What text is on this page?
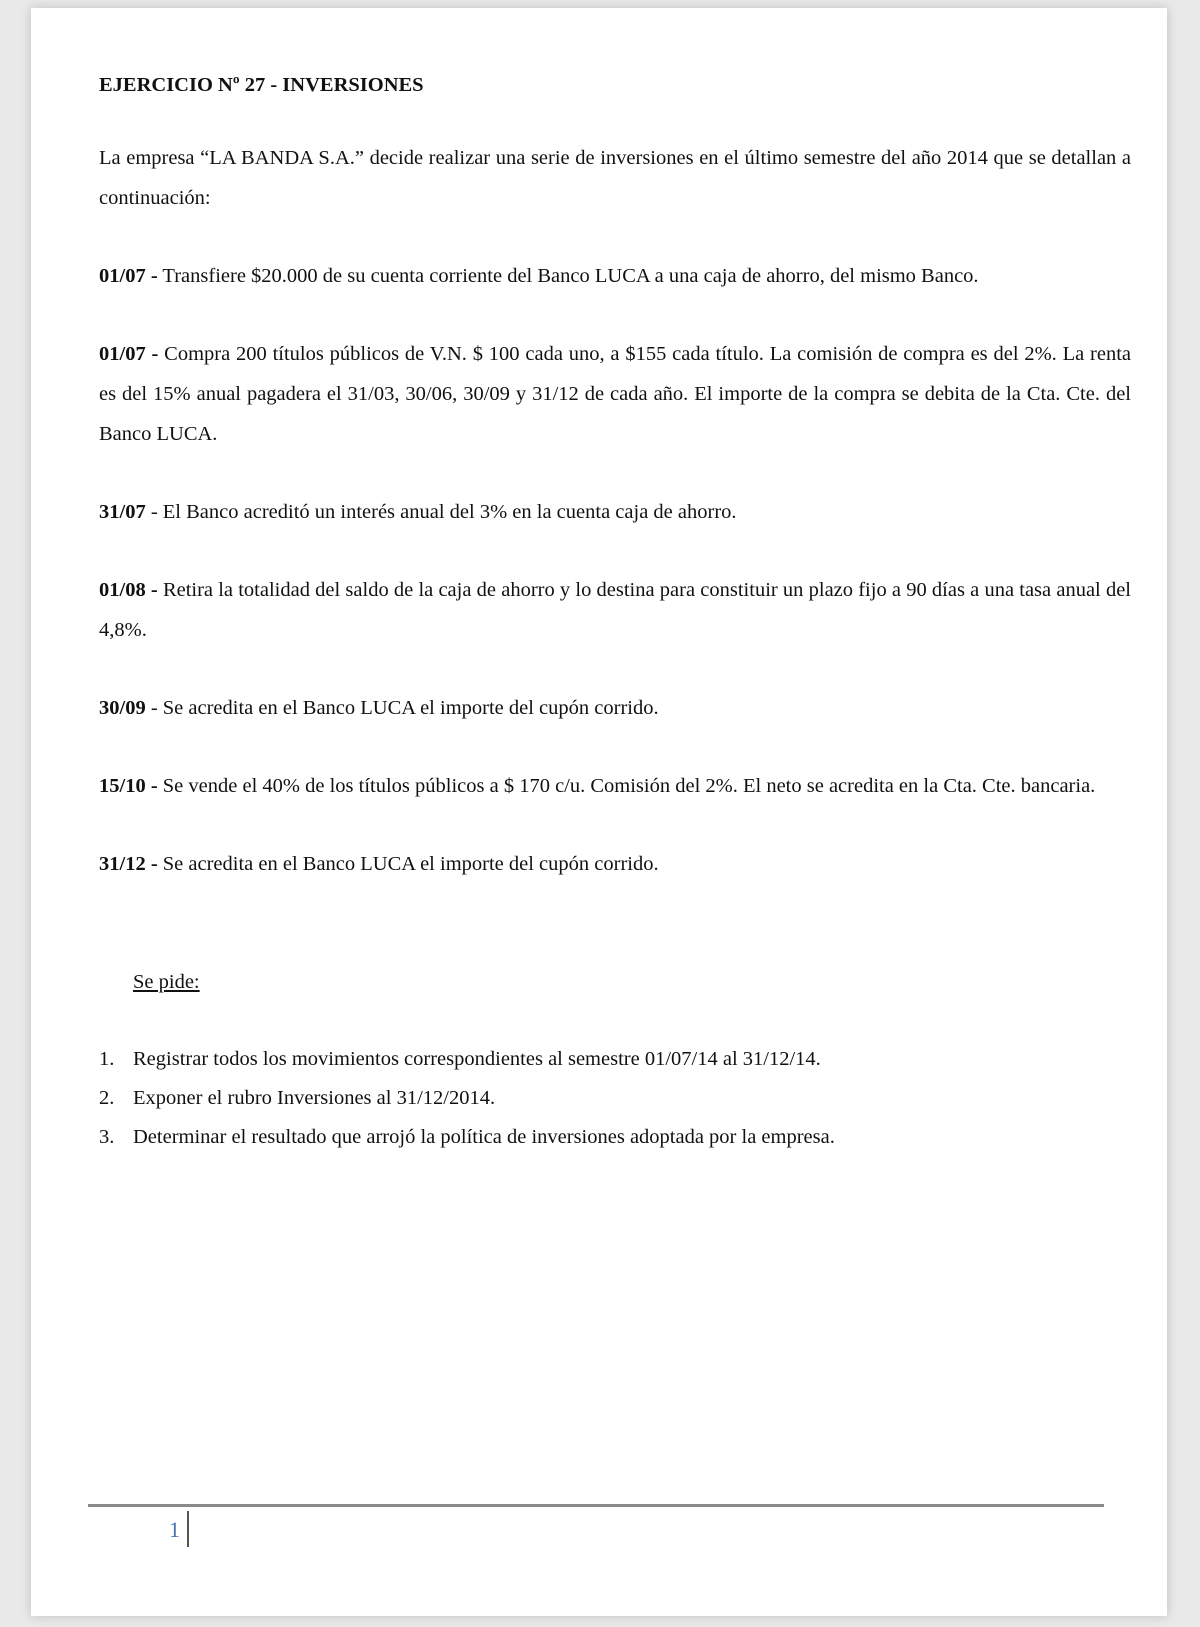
EJERCICIO Nº 27 - INVERSIONES

La empresa “LA BANDA S.A.” decide realizar una serie de inversiones en el último semestre del año 2014 que se detallan a continuación:

01/07 - Transfiere $20.000 de su cuenta corriente del Banco LUCA a una caja de ahorro, del mismo Banco.

01/07 - Compra 200 títulos públicos de V.N. $ 100 cada uno, a $155 cada título. La comisión de compra es del 2%. La renta es del 15% anual pagadera el 31/03, 30/06, 30/09 y 31/12 de cada año. El importe de la compra se debita de la Cta. Cte. del Banco LUCA.

31/07 - El Banco acreditó un interés anual del 3% en la cuenta caja de ahorro.

01/08 - Retira la totalidad del saldo de la caja de ahorro y lo destina para constituir un plazo fijo a 90 días a una tasa anual del 4,8%.

30/09 - Se acredita en el Banco LUCA el importe del cupón corrido.

15/10 - Se vende el 40% de los títulos públicos a $ 170 c/u. Comisión del 2%. El neto se acredita en la Cta. Cte. bancaria.

31/12 - Se acredita en el Banco LUCA el importe del cupón corrido.

Se pide:

1. Registrar todos los movimientos correspondientes al semestre 01/07/14 al 31/12/14.
2. Exponer el rubro Inversiones al 31/12/2014.
3. Determinar el resultado que arrojó la política de inversiones adoptada por la empresa.
1
